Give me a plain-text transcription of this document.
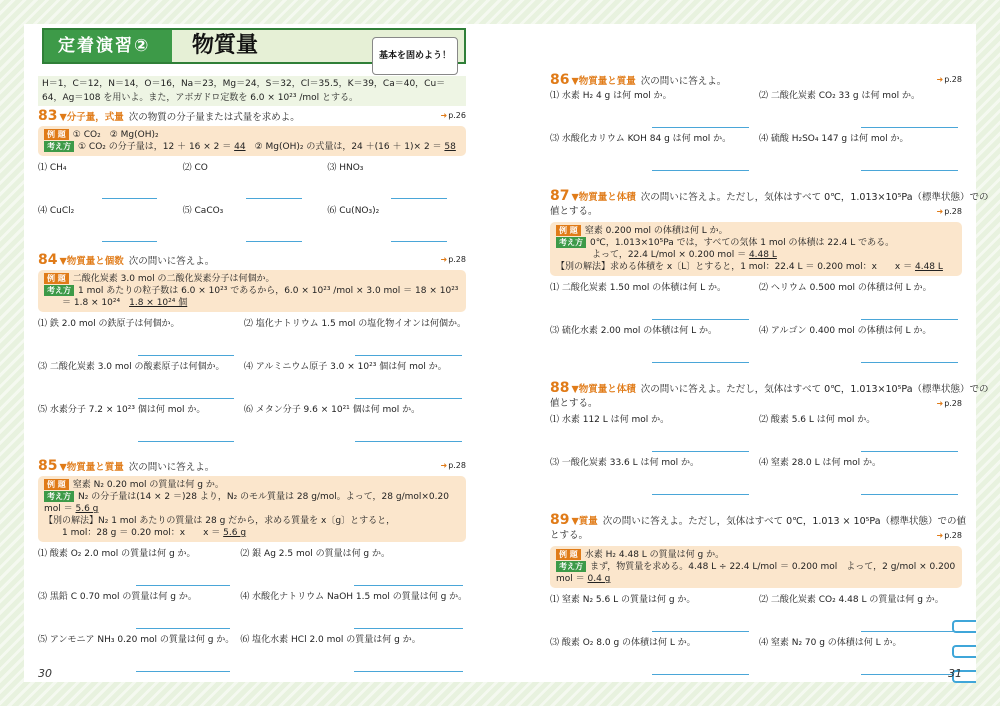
定着演習②	物質量	基本を固めよう！
H＝1，C＝12，N＝14，O＝16，Na＝23，Mg＝24，S＝32，Cl＝35.5，K＝39，Ca＝40，Cu＝64，Ag＝108 を用いよ。また，アボガドロ定数を 6.0 × 10²³ /mol とする。
83 ▼分子量，式量 次の物質の分子量または式量を求めよ。	➜ p.26
例 題 ① CO₂　② Mg(OH)₂
考え方 ① CO₂ の分子量は，12 ＋ 16 × 2 ＝ 44　② Mg(OH)₂ の式量は，24 ＋(16 ＋ 1)× 2 ＝ 58
⑴ CH₄	⑵ CO	⑶ HNO₃
⑷ CuCl₂	⑸ CaCO₃	⑹ Cu(NO₃)₂
84 ▼物質量と個数 次の問いに答えよ。	➜ p.28
例 題 二酸化炭素 3.0 mol の二酸化炭素分子は何個か。
考え方 1 mol あたりの粒子数は 6.0 × 10²³ であるから，6.0 × 10²³ /mol × 3.0 mol ＝ 18 × 10²³
＝ 1.8 × 10²⁴　 1.8 × 10²⁴ 個
⑴ 鉄 2.0 mol の鉄原子は何個か。	⑵ 塩化ナトリウム 1.5 mol の塩化物イオンは何個か。
⑶ 二酸化炭素 3.0 mol の酸素原子は何個か。	⑷ アルミニウム原子 3.0 × 10²³ 個は何 mol か。
⑸ 水素分子 7.2 × 10²³ 個は何 mol か。	⑹ メタン分子 9.6 × 10²¹ 個は何 mol か。
85 ▼物質量と質量 次の問いに答えよ。	➜ p.28
例 題 窒素 N₂ 0.20 mol の質量は何 g か。
考え方 N₂ の分子量は(14 × 2 ＝)28 より，N₂ のモル質量は 28 g/mol。よって，28 g/mol×0.20 mol ＝ 5.6 g
【別の解法】N₂ 1 mol あたりの質量は 28 g だから，求める質量を x〔g〕とすると，
1 mol：28 g ＝ 0.20 mol：x　　x ＝ 5.6 g
⑴ 酸素 O₂ 2.0 mol の質量は何 g か。	⑵ 銀 Ag 2.5 mol の質量は何 g か。
⑶ 黒鉛 C 0.70 mol の質量は何 g か。	⑷ 水酸化ナトリウム NaOH 1.5 mol の質量は何 g か。
⑸ アンモニア NH₃ 0.20 mol の質量は何 g か。 ⑹ 塩化水素 HCl 2.0 mol の質量は何 g か。
30
86 ▼物質量と質量 次の問いに答えよ。	➜ p.28
⑴ 水素 H₂ 4 g は何 mol か。	⑵ 二酸化炭素 CO₂ 33 g は何 mol か。
⑶ 水酸化カリウム KOH 84 g は何 mol か。	⑷ 硫酸 H₂SO₄ 147 g は何 mol か。
87 ▼物質量と体積 次の問いに答えよ。ただし，気体はすべて 0℃，1.013×10⁵Pa（標準状態）での
値とする。	➜ p.28
例 題 窒素 0.200 mol の体積は何 L か。
考え方 0℃，1.013×10⁵Pa では，すべての気体 1 mol の体積は 22.4 L である。
よって，22.4 L/mol × 0.200 mol ＝ 4.48 L
【別の解法】求める体積を x〔L〕とすると，1 mol：22.4 L ＝ 0.200 mol：x　　x ＝ 4.48 L
⑴ 二酸化炭素 1.50 mol の体積は何 L か。	⑵ ヘリウム 0.500 mol の体積は何 L か。
⑶ 硫化水素 2.00 mol の体積は何 L か。	⑷ アルゴン 0.400 mol の体積は何 L か。
88 ▼物質量と体積 次の問いに答えよ。ただし，気体はすべて 0℃，1.013×10⁵Pa（標準状態）での
値とする。	➜ p.28
⑴ 水素 112 L は何 mol か。	⑵ 酸素 5.6 L は何 mol か。
⑶ 一酸化炭素 33.6 L は何 mol か。	⑷ 窒素 28.0 L は何 mol か。
89 ▼質量 次の問いに答えよ。ただし，気体はすべて 0℃，1.013 × 10⁵Pa（標準状態）での値
とする。	➜ p.28
例 題 水素 H₂ 4.48 L の質量は何 g か。
考え方 まず，物質量を求める。4.48 L ÷ 22.4 L/mol ＝ 0.200 mol　よって，2 g/mol × 0.200 mol ＝ 0.4 g
⑴ 窒素 N₂ 5.6 L の質量は何 g か。	⑵ 二酸化炭素 CO₂ 4.48 L の質量は何 g か。
⑶ 酸素 O₂ 8.0 g の体積は何 L か。	⑷ 窒素 N₂ 70 g の体積は何 L か。
31
